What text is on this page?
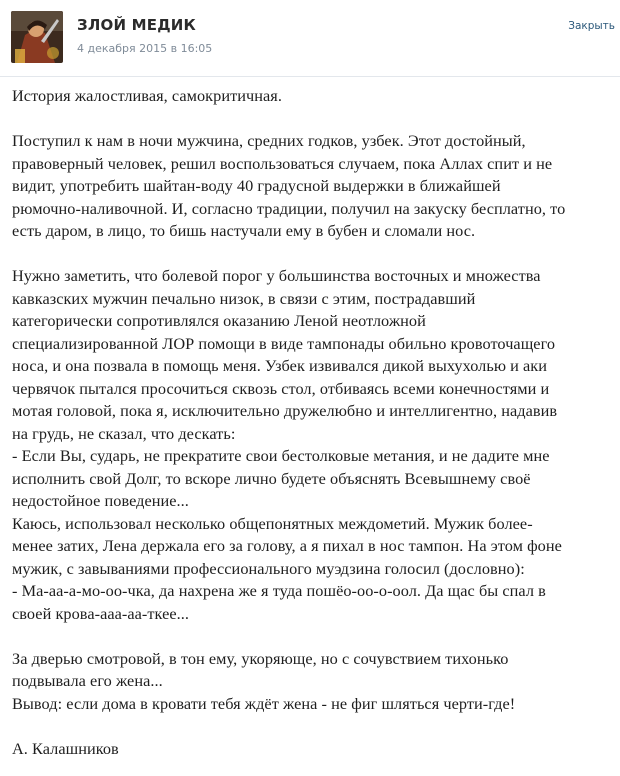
ЗЛОЙ МЕДИК
4 декабря 2015 в 16:05
Закрыть

История жалостливая, самокритичная.

Поступил к нам в ночи мужчина, средних годков, узбек. Этот достойный,
правоверный человек, решил воспользоваться случаем, пока Аллах спит и не
видит, употребить шайтан-воду 40 градусной выдержки в ближайшей
рюмочно-наливочной. И, согласно традиции, получил на закуску бесплатно, то
есть даром, в лицо, то бишь настучали ему в бубен и сломали нос.

Нужно заметить, что болевой порог у большинства восточных и множества
кавказских мужчин печально низок, в связи с этим, пострадавший
категорически сопротивлялся оказанию Леной неотложной
специализированной ЛОР помощи в виде тампонады обильно кровоточащего
носа, и она позвала в помощь меня. Узбек извивался дикой выхухолью и аки
червячок пытался просочиться сквозь стол, отбиваясь всеми конечностями и
мотая головой, пока я, исключительно дружелюбно и интеллигентно, надавив
на грудь, не сказал, что дескать:
- Если Вы, сударь, не прекратите свои бестолковые метания, и не дадите мне
исполнить свой Долг, то вскоре лично будете объяснять Всевышнему своё
недостойное поведение...
Каюсь, использовал несколько общепонятных междометий. Мужик более-
менее затих, Лена держала его за голову, а я пихал в нос тампон. На этом фоне
мужик, с завываниями профессионального муэдзина голосил (дословно):
- Ма-аа-а-мо-оо-чка, да нахрена же я туда пошёо-оо-о-оол. Да щас бы спал в
своей крова-ааа-аа-ткее...

За дверью смотровой, в тон ему, укоряюще, но с сочувствием тихонько
подвывала его жена...
Вывод: если дома в кровати тебя ждёт жена - не фиг шляться черти-где!

А. Калашников
